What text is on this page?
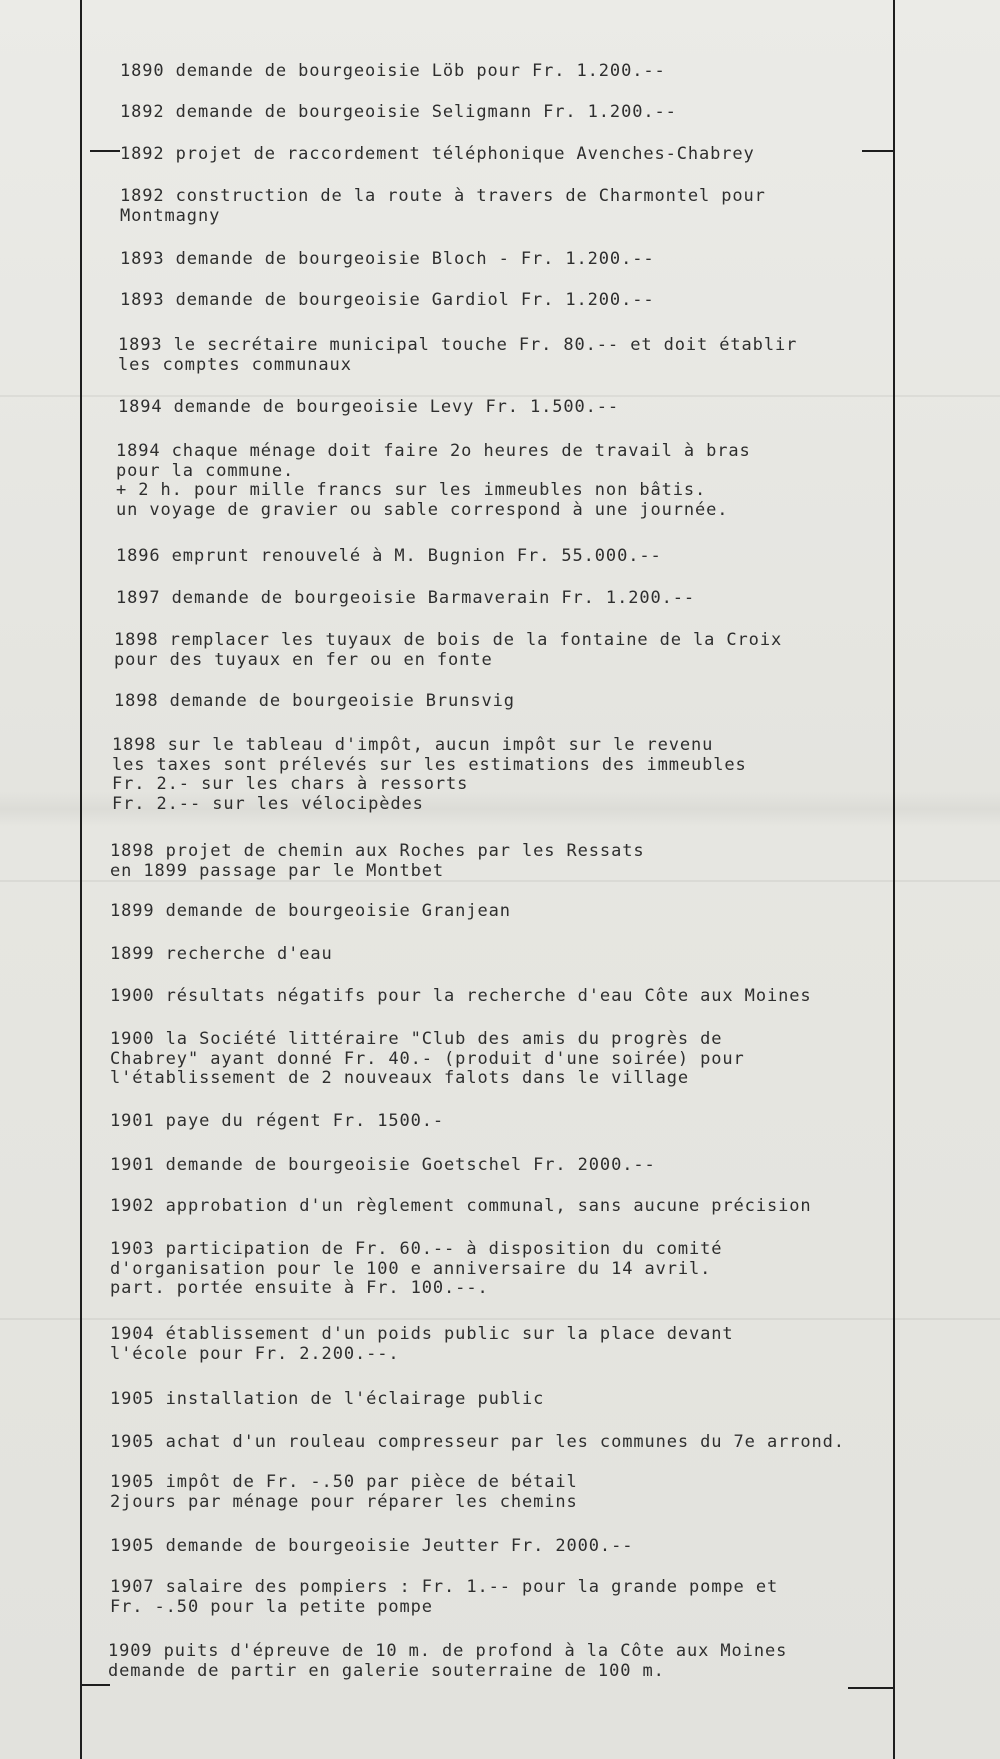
1890 demande de bourgeoisie Löb pour Fr. 1.200.--
1892 demande de bourgeoisie Seligmann Fr. 1.200.--
1892 projet de raccordement téléphonique Avenches-Chabrey
1892 construction de la route à travers de Charmontel pour
Montmagny
1893 demande de bourgeoisie Bloch - Fr. 1.200.--
1893 demande de bourgeoisie Gardiol Fr. 1.200.--
1893 le secrétaire municipal touche Fr. 80.-- et doit établir
les comptes communaux
1894 demande de bourgeoisie Levy Fr. 1.500.--
1894 chaque ménage doit faire 2o heures de travail à bras
pour la commune.
+ 2 h. pour mille francs sur les immeubles non bâtis.
un voyage de gravier ou sable correspond à une journée.
1896 emprunt renouvelé à M. Bugnion Fr. 55.000.--
1897 demande de bourgeoisie Barmaverain Fr. 1.200.--
1898 remplacer les tuyaux de bois de la fontaine de la Croix
pour des tuyaux en fer ou en fonte
1898 demande de bourgeoisie Brunsvig
1898 sur le tableau d'impôt, aucun impôt sur le revenu
les taxes sont prélevés sur les estimations des immeubles
Fr. 2.- sur les chars à ressorts
Fr. 2.-- sur les vélocipèdes
1898 projet de chemin aux Roches par les Ressats
en 1899 passage par le Montbet
1899 demande de bourgeoisie Granjean
1899 recherche d'eau
1900 résultats négatifs pour la recherche d'eau Côte aux Moines
1900 la Société littéraire "Club des amis du progrès de
Chabrey" ayant donné Fr. 40.- (produit d'une soirée) pour
l'établissement de 2 nouveaux falots dans le village
1901 paye du régent Fr. 1500.-
1901 demande de bourgeoisie Goetschel Fr. 2000.--
1902 approbation d'un règlement communal, sans aucune précision
1903 participation de Fr. 60.-- à disposition du comité
d'organisation pour le 100 e anniversaire du 14 avril.
part. portée ensuite à Fr. 100.--.
1904 établissement d'un poids public sur la place devant
l'école pour Fr. 2.200.--.
1905 installation de l'éclairage public
1905 achat d'un rouleau compresseur par les communes du 7e arrond.
1905 impôt de Fr. -.50 par pièce de bétail
2jours par ménage pour réparer les chemins
1905 demande de bourgeoisie Jeutter Fr. 2000.--
1907 salaire des pompiers : Fr. 1.-- pour la grande pompe et
Fr. -.50 pour la petite pompe
1909 puits d'épreuve de 10 m. de profond à la Côte aux Moines
demande de partir en galerie souterraine de 100 m.
